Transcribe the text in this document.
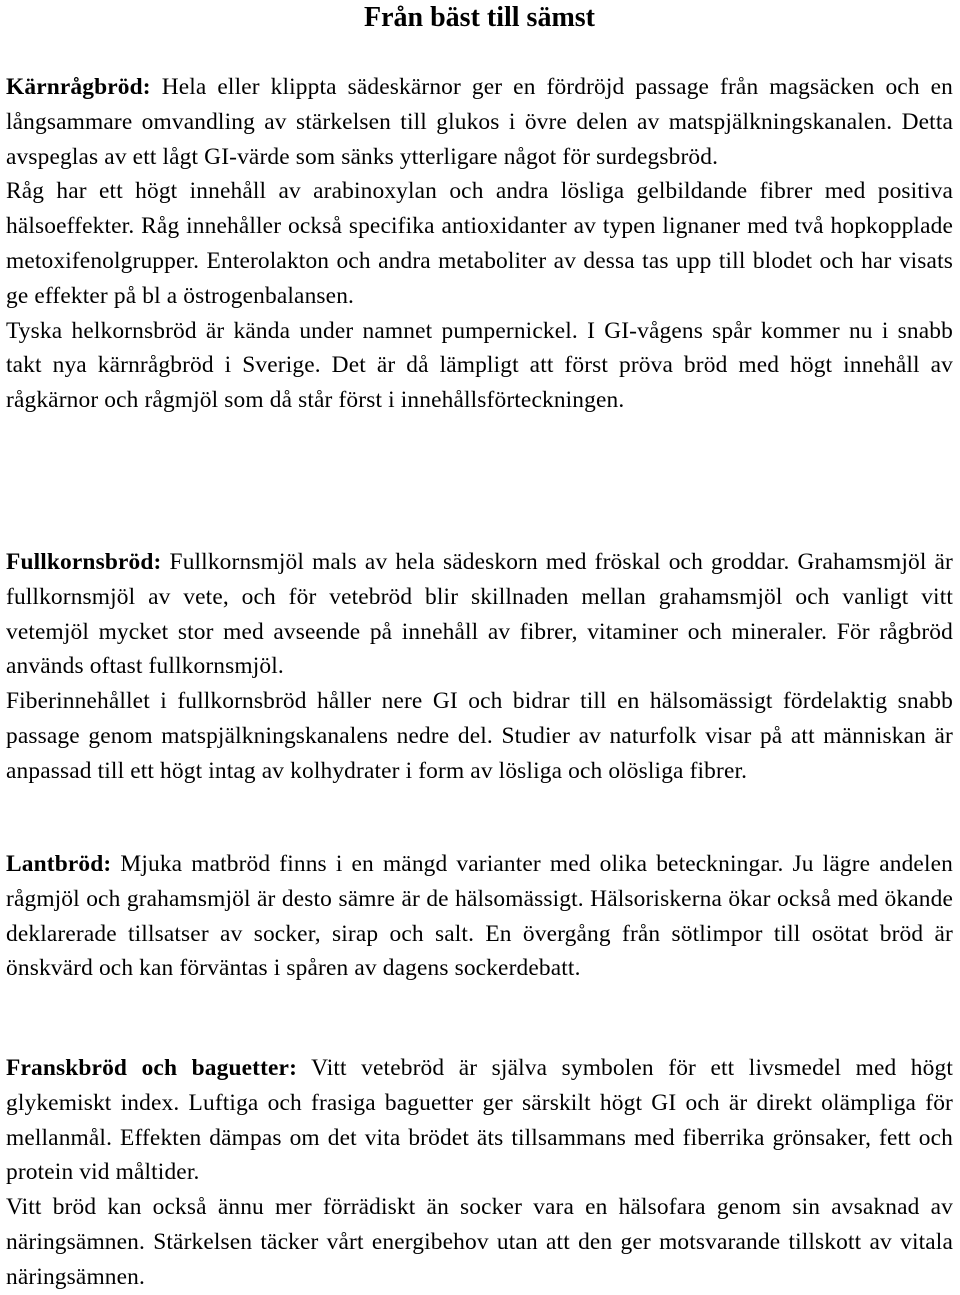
Från bäst till sämst

Kärnrågbröd: Hela eller klippta sädeskärnor ger en fördröjd passage från magsäcken och en långsammare omvandling av stärkelsen till glukos i övre delen av matspjälkningskanalen. Detta avspeglas av ett lågt GI-värde som sänks ytterligare något för surdegsbröd.

Råg har ett högt innehåll av arabinoxylan och andra lösliga gelbildande fibrer med positiva hälsoeffekter. Råg innehåller också specifika antioxidanter av typen lignaner med två hopkopplade metoxifenolgrupper. Enterolakton och andra metaboliter av dessa tas upp till blodet och har visats ge effekter på bl a östrogenbalansen.

Tyska helkornsbröd är kända under namnet pumpernickel. I GI-vågens spår kommer nu i snabb takt nya kärnrågbröd i Sverige. Det är då lämpligt att först pröva bröd med högt innehåll av rågkärnor och rågmjöl som då står först i innehållsförteckningen.

Fullkornsbröd: Fullkornsmjöl mals av hela sädeskorn med fröskal och groddar. Grahamsmjöl är fullkornsmjöl av vete, och för vetebröd blir skillnaden mellan grahamsmjöl och vanligt vitt vetemjöl mycket stor med avseende på innehåll av fibrer, vitaminer och mineraler. För rågbröd används oftast fullkornsmjöl.

Fiberinnehållet i fullkornsbröd håller nere GI och bidrar till en hälsomässigt fördelaktig snabb passage genom matspjälkningskanalens nedre del. Studier av naturfolk visar på att människan är anpassad till ett högt intag av kolhydrater i form av lösliga och olösliga fibrer.

Lantbröd: Mjuka matbröd finns i en mängd varianter med olika beteckningar. Ju lägre andelen rågmjöl och grahamsmjöl är desto sämre är de hälsomässigt. Hälsoriskerna ökar också med ökande deklarerade tillsatser av socker, sirap och salt. En övergång från sötlimpor till osötat bröd är önskvärd och kan förväntas i spåren av dagens sockerdebatt.

Franskbröd och baguetter: Vitt vetebröd är själva symbolen för ett livsmedel med högt glykemiskt index. Luftiga och frasiga baguetter ger särskilt högt GI och är direkt olämpliga för mellanmål. Effekten dämpas om det vita brödet äts tillsammans med fiberrika grönsaker, fett och protein vid måltider.

Vitt bröd kan också ännu mer förrädiskt än socker vara en hälsofara genom sin avsaknad av näringsämnen. Stärkelsen täcker vårt energibehov utan att den ger motsvarande tillskott av vitala näringsämnen.
